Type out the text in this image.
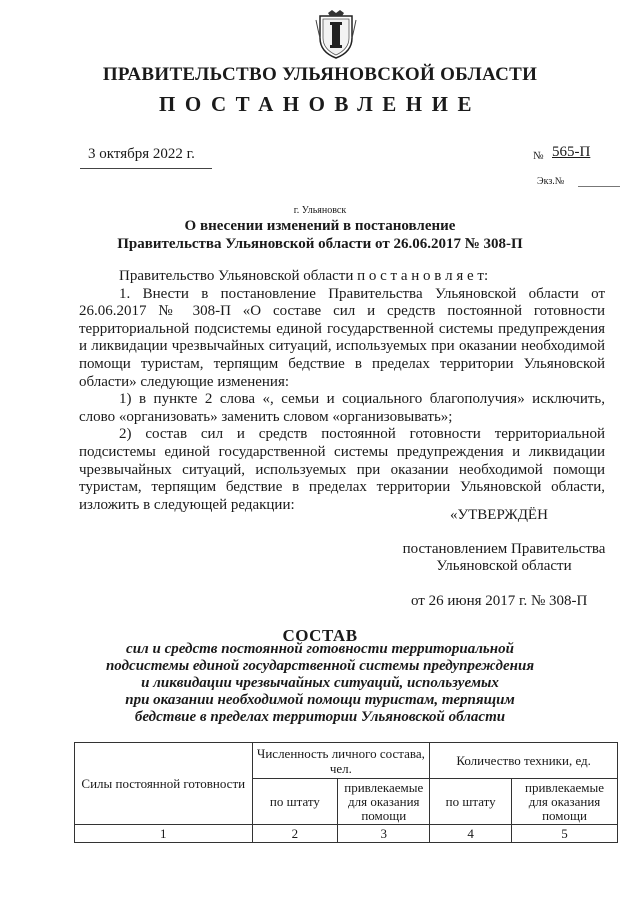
ПРАВИТЕЛЬСТВО УЛЬЯНОВСКОЙ ОБЛАСТИ
ПОСТАНОВЛЕНИЕ
3 октября 2022 г.	№ 565-П
Экз.№
г. Ульяновск
О внесении изменений в постановление
Правительства Ульяновской области от 26.06.2017 № 308-П

Правительство Ульяновской области п о с т а н о в л я е т:

1. Внести в постановление Правительства Ульяновской области от 26.06.2017 № 308-П «О составе сил и средств постоянной готовности территориальной подсистемы единой государственной системы предупреждения и ликвидации чрезвычайных ситуаций, используемых при оказании необходимой помощи туристам, терпящим бедствие в пределах территории Ульяновской области» следующие изменения:

1) в пункте 2 слова «, семьи и социального благополучия» исключить, слово «организовать» заменить словом «организовывать»;

2) состав сил и средств постоянной готовности территориальной подсистемы единой государственной системы предупреждения и ликвидации чрезвычайных ситуаций, используемых при оказании необходимой помощи туристам, терпящим бедствие в пределах территории Ульяновской области, изложить в следующей редакции:

«УТВЕРЖДЁН
постановлением Правительства
Ульяновской области
от 26 июня 2017 г. № 308-П
СОСТАВ
сил и средств постоянной готовности территориальной
подсистемы единой государственной системы предупреждения
и ликвидации чрезвычайных ситуаций, используемых
при оказании необходимой помощи туристам, терпящим
бедствие в пределах территории Ульяновской области
Силы постоянной готовности	Численность личного состава, чел.		Количество техники, ед.	
	по штату	привлекаемые для оказания помощи	по штату	привлекаемые для оказания помощи
1	2	3	4	5
